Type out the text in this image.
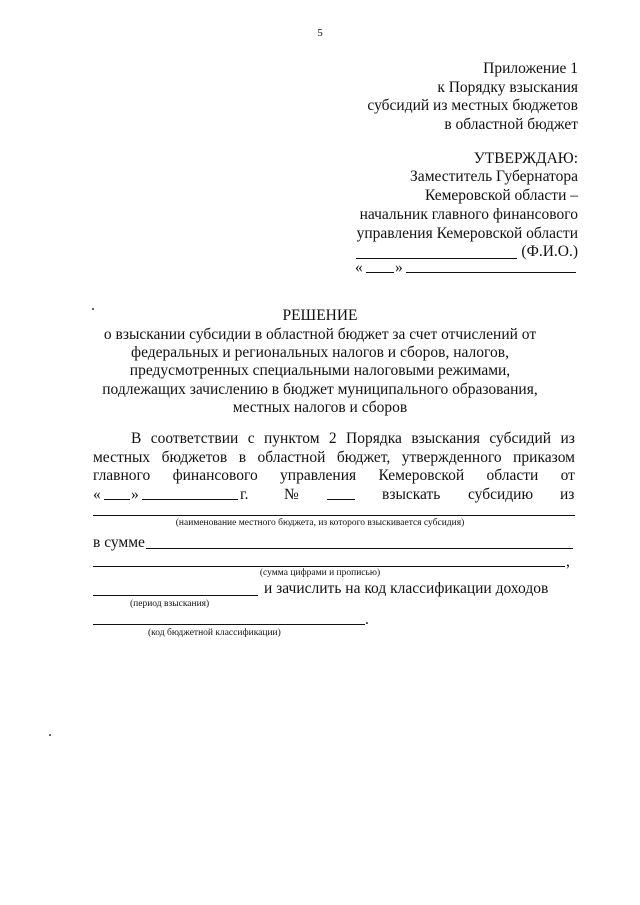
5
Приложение 1
к Порядку взыскания
субсидий из местных бюджетов
в областной бюджет
УТВЕРЖДАЮ:
Заместитель Губернатора
Кемеровской области –
начальник главного финансового
управления Кемеровской области
(Ф.И.О.)
« »
РЕШЕНИЕ
о взыскании субсидии в областной бюджет за счет отчислений от
федеральных и региональных налогов и сборов, налогов,
предусмотренных специальными налоговыми режимами,
подлежащих зачислению в бюджет муниципального образования,
местных налогов и сборов
В соответствии с пунктом 2 Порядка взыскания субсидий из
местных бюджетов в областной бюджет, утвержденного приказом
главного финансового управления Кемеровской области от
« »	г. №	взыскать субсидию из
(наименование местного бюджета, из которого взыскивается субсидия)
в сумме
,
(сумма цифрами и прописью)
и зачислить на код классификации доходов
(период взыскания)
.
(код бюджетной классификации)
